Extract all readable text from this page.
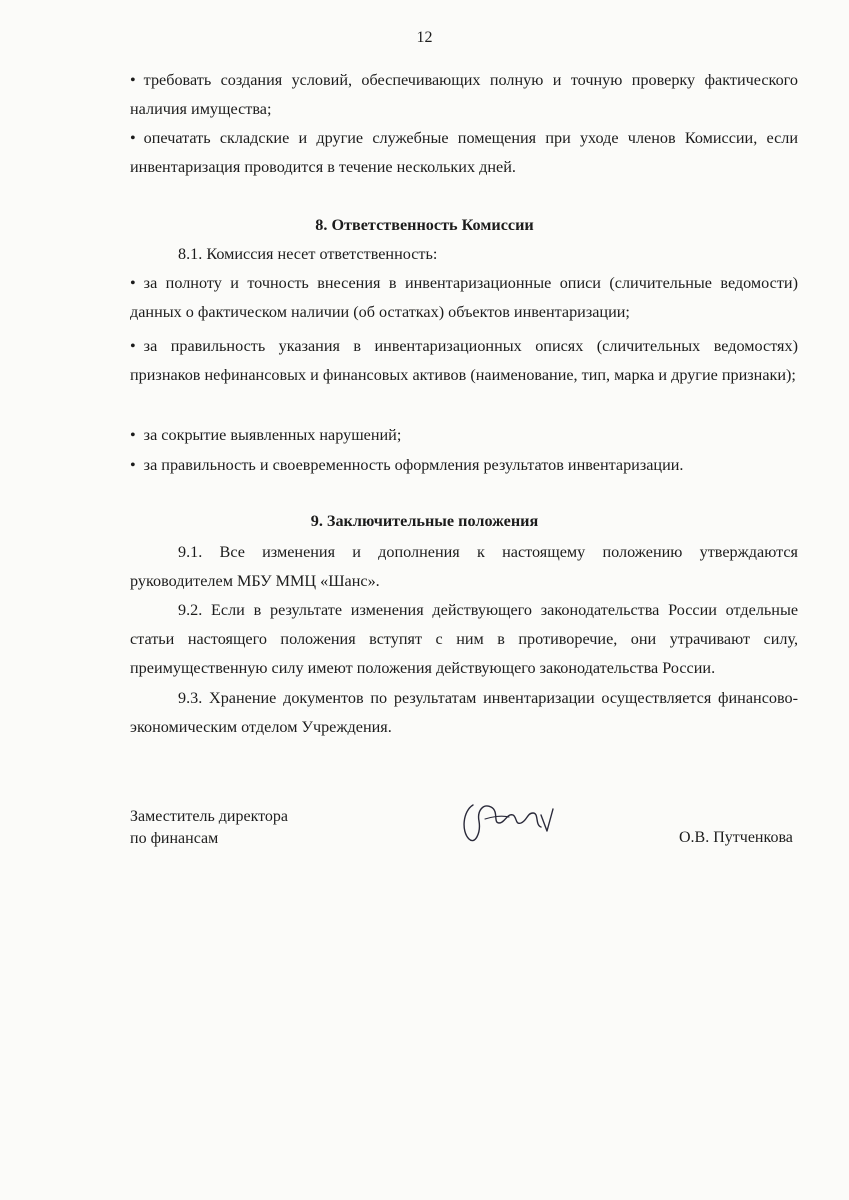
12
• требовать создания условий, обеспечивающих полную и точную проверку фактического наличия имущества;
• опечатать складские и другие служебные помещения при уходе членов Комиссии, если инвентаризация проводится в течение нескольких дней.
8. Ответственность Комиссии
8.1. Комиссия несет ответственность:
• за полноту и точность внесения в инвентаризационные описи (сличительные ведомости) данных о фактическом наличии (об остатках) объектов инвентаризации;
• за правильность указания в инвентаризационных описях (сличительных ведомостях) признаков нефинансовых и финансовых активов (наименование, тип, марка и другие признаки);
• за сокрытие выявленных нарушений;
• за правильность и своевременность оформления результатов инвентаризации.
9. Заключительные положения
9.1. Все изменения и дополнения к настоящему положению утверждаются руководителем МБУ ММЦ «Шанс».
9.2. Если в результате изменения действующего законодательства России отдельные статьи настоящего положения вступят с ним в противоречие, они утрачивают силу, преимущественную силу имеют положения действующего законодательства России.
9.3. Хранение документов по результатам инвентаризации осуществляется финансово-экономическим отделом Учреждения.
Заместитель директора
по финансам	О.В. Путченкова
